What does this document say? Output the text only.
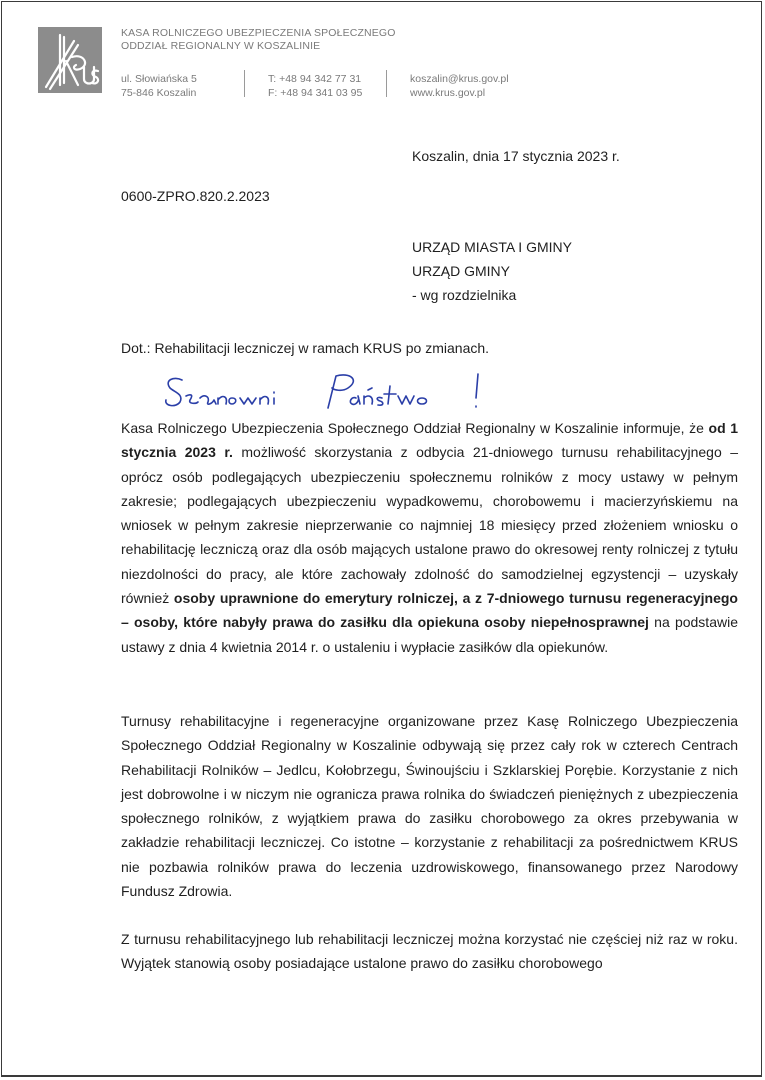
KASA ROLNICZEGO UBEZPIECZENIA SPOŁECZNEGO
ODDZIAŁ REGIONALNY W KOSZALINIE
ul. Słowiańska 5
75-846 Koszalin
T: +48 94 342 77 31
F: +48 94 341 03 95
koszalin@krus.gov.pl
www.krus.gov.pl
Koszalin, dnia 17 stycznia 2023 r.
0600-ZPRO.820.2.2023
URZĄD MIASTA I GMINY
URZĄD GMINY
- wg rozdzielnika
Dot.: Rehabilitacji leczniczej w ramach KRUS po zmianach.
Kasa Rolniczego Ubezpieczenia Społecznego Oddział Regionalny w Koszalinie informuje, że od 1 stycznia 2023 r. możliwość skorzystania z odbycia 21-dniowego turnusu rehabilitacyjnego – oprócz osób podlegających ubezpieczeniu społecznemu rolników z mocy ustawy w pełnym zakresie; podlegających ubezpieczeniu wypadkowemu, chorobowemu i macierzyńskiemu na wniosek w pełnym zakresie nieprzerwanie co najmniej 18 miesięcy przed złożeniem wniosku o rehabilitację leczniczą oraz dla osób mających ustalone prawo do okresowej renty rolniczej z tytułu niezdolności do pracy, ale które zachowały zdolność do samodzielnej egzystencji – uzyskały również osoby uprawnione do emerytury rolniczej, a z 7-dniowego turnusu regeneracyjnego – osoby, które nabyły prawa do zasiłku dla opiekuna osoby niepełnosprawnej na podstawie ustawy z dnia 4 kwietnia 2014 r. o ustaleniu i wypłacie zasiłków dla opiekunów.
Turnusy rehabilitacyjne i regeneracyjne organizowane przez Kasę Rolniczego Ubezpieczenia Społecznego Oddział Regionalny w Koszalinie odbywają się przez cały rok w czterech Centrach Rehabilitacji Rolników – Jedlcu, Kołobrzegu, Świnoujściu i Szklarskiej Porębie. Korzystanie z nich jest dobrowolne i w niczym nie ogranicza prawa rolnika do świadczeń pieniężnych z ubezpieczenia społecznego rolników, z wyjątkiem prawa do zasiłku chorobowego za okres przebywania w zakładzie rehabilitacji leczniczej. Co istotne – korzystanie z rehabilitacji za pośrednictwem KRUS nie pozbawia rolników prawa do leczenia uzdrowiskowego, finansowanego przez Narodowy Fundusz Zdrowia.
Z turnusu rehabilitacyjnego lub rehabilitacji leczniczej można korzystać nie częściej niż raz w roku. Wyjątek stanowią osoby posiadające ustalone prawo do zasiłku chorobowego
